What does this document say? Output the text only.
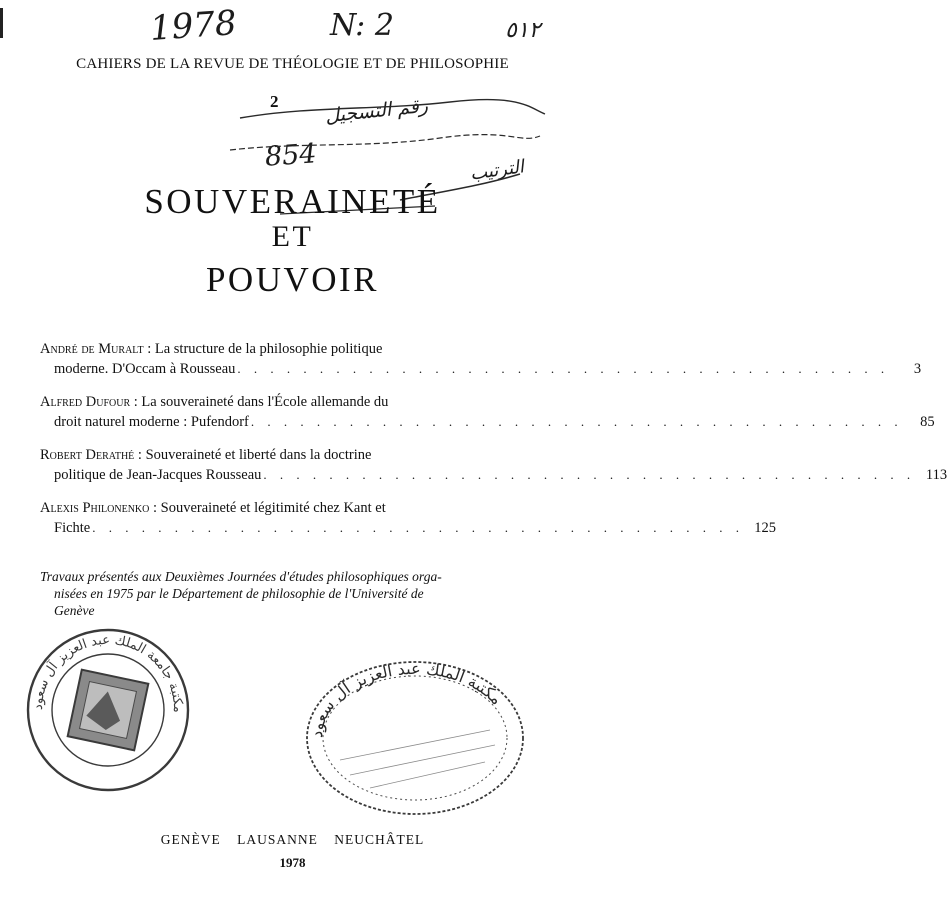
1978	N: 2	٥١٢
CAHIERS DE LA REVUE DE THÉOLOGIE ET DE PHILOSOPHIE
2 رقم التسجيل
الترتيب
854
SOUVERAINETÉ
ET
POUVOIR
André de Muralt : La structure de la philosophie politique
moderne. D'Occam à Rousseau . . . . . . . . . . . . . . . . . . . . . . . . . . . . . . . . . . . . . . . .	3
Alfred Dufour : La souveraineté dans l'École allemande du
droit naturel moderne : Pufendorf . . . . . . . . . . . . . . . . . . . . . . . . . . . . . . . . . . . . . . . .	85
Robert Derathé : Souveraineté et liberté dans la doctrine
politique de Jean-Jacques Rousseau . . . . . . . . . . . . . . . . . . . . . . . . . . . . . . . . . . . . . . . . 113
Alexis Philonenko : Souveraineté et légitimité chez Kant et
Fichte . . . . . . . . . . . . . . . . . . . . . . . . . . . . . . . . . . . . . . . . 125
Travaux présentés aux Deuxièmes Journées d'études philosophiques orga-
nisées en 1975 par le Département de philosophie de l'Université de
Genève
مكتبة جامعة الملك عبد العزيز آل سعود
مكتبة الملك عبد العزيز آل سعود
GENÈVE LAUSANNE NEUCHÂTEL
1978
